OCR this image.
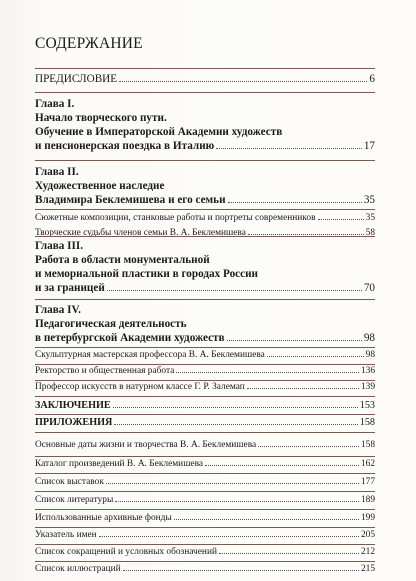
СОДЕРЖАНИЕ
ПРЕДИСЛОВИЕ	6
Глава I.
Начало творческого пути.
Обучение в Императорской Академии художеств
и пенсионерская поездка в Италию	17
Глава II.
Художественное наследие
Владимира Беклемишева и его семьи	35
Сюжетные композиции, станковые работы и портреты современников	35
Творческие судьбы членов семьи В. А. Беклемишева	58
Глава III.
Работа в области монументальной
и мемориальной пластики в городах России
и за границей	70
Глава IV.
Педагогическая деятельность
в петербургской Академии художеств	98
Скульптурная мастерская профессора В. А. Беклемишева	98
Ректорство и общественная работа	136
Профессор искусств в натурном классе Г. Р. Залемап	139
ЗАКЛЮЧЕНИЕ	153
ПРИЛОЖЕНИЯ	158
Основные даты жизни и творчества В. А. Беклемишева	158
Каталог произведений В. А. Беклемишева	162
Список выставок	177
Список литературы	189
Использованные архивные фонды	199
Указатель имен	205
Список сокращений и условных обозначений	212
Список иллюстраций	215
